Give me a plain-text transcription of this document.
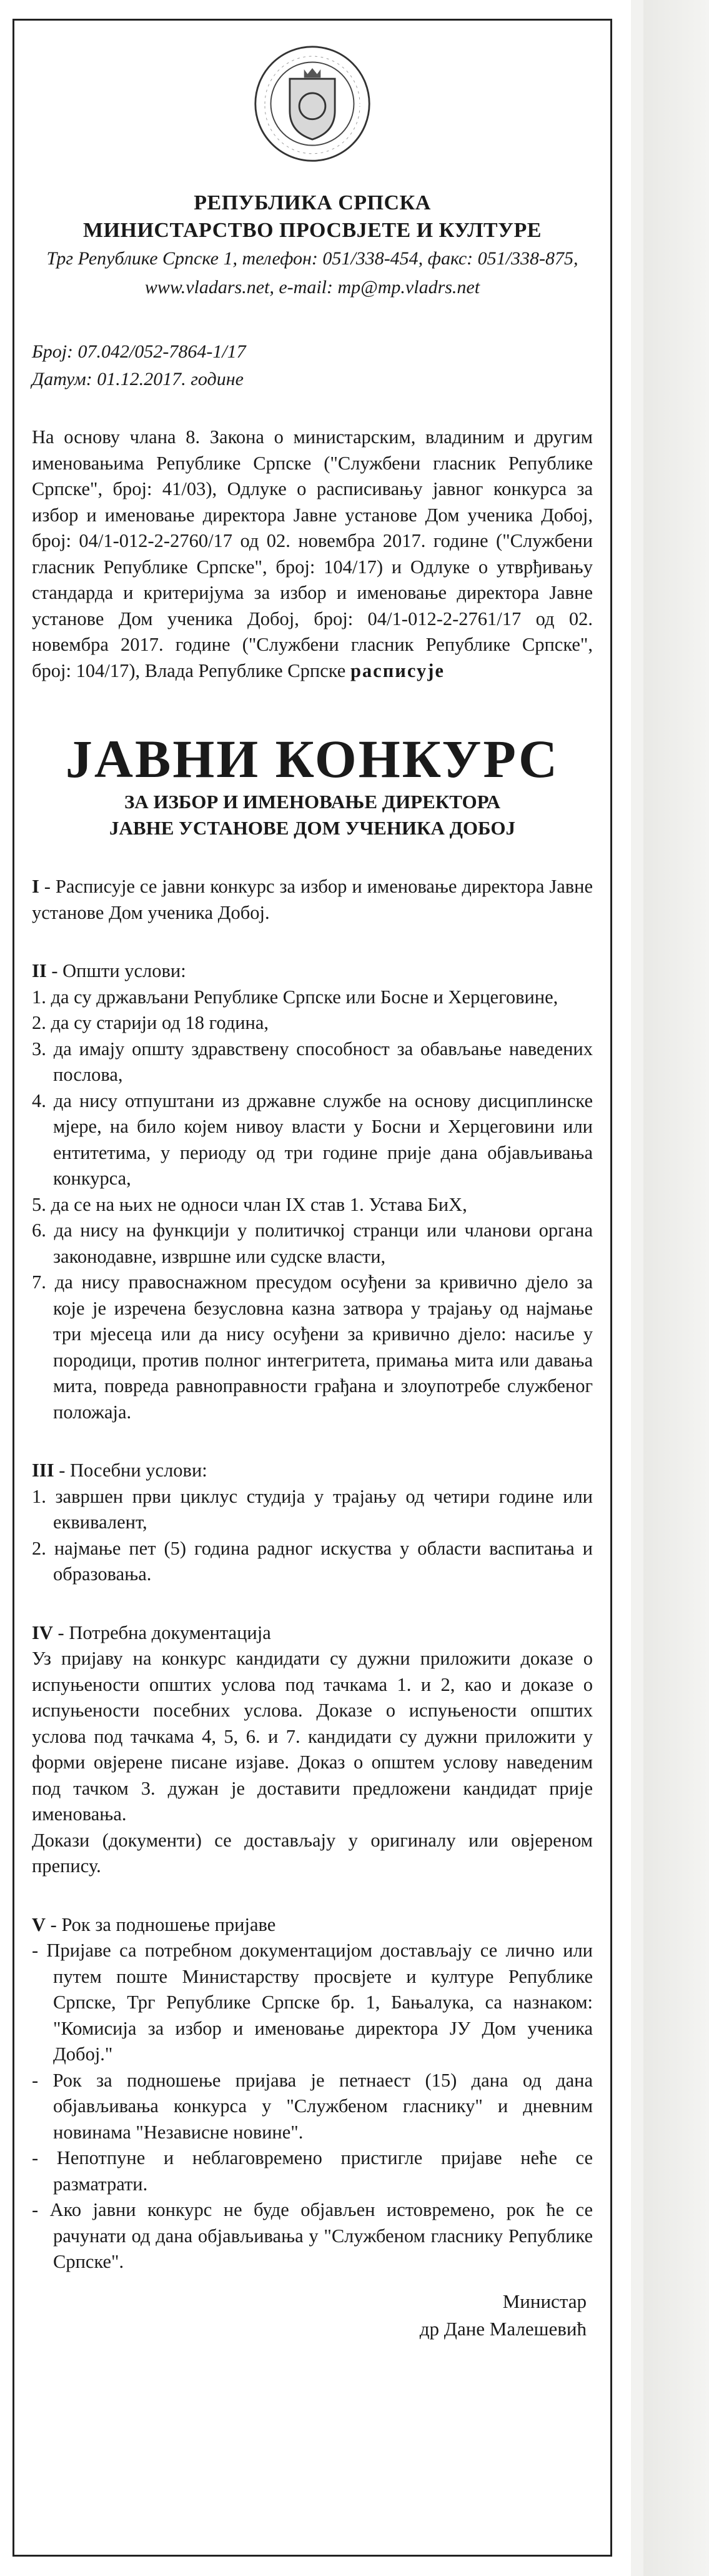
РЕПУБЛИКА СРПСКА
МИНИСТАРСТВО ПРОСВЈЕТЕ И КУЛТУРЕ
Трг Републике Српске 1, телефон: 051/338-454, факс: 051/338-875, www.vladars.net, e-mail: mp@mp.vladrs.net
Број: 07.042/052-7864-1/17
Датум: 01.12.2017. године
На основу члана 8. Закона о министарским, владиним и другим именовањима Републике Српске ("Службени гласник Републике Српске", број: 41/03), Одлуке о расписивању јавног конкурса за избор и именовање директора Јавне установе Дом ученика Добој, број: 04/1-012-2-2760/17 од 02. новембра 2017. године ("Службени гласник Републике Српске", број: 104/17) и Одлуке о утврђивању стандарда и критеријума за избор и именовање директора Јавне установе Дом ученика Добој, број: 04/1-012-2-2761/17 од 02. новембра 2017. године ("Службени гласник Републике Српске", број: 104/17), Влада Републике Српске расписује
ЈАВНИ КОНКУРС
ЗА ИЗБОР И ИМЕНОВАЊЕ ДИРЕКТОРА
ЈАВНЕ УСТАНОВЕ ДОМ УЧЕНИКА ДОБОЈ
I - Расписује се јавни конкурс за избор и именовање директора Јавне установе Дом ученика Добој.
II - Општи услови:
1. да су држављани Републике Српске или Босне и Херцеговине,
2. да су старији од 18 година,
3. да имају општу здравствену способност за обављање наведених послова,
4. да нису отпуштани из државне службе на основу дисциплинске мјере, на било којем нивоу власти у Босни и Херцеговини или ентитетима, у периоду од три године прије дана објављивања конкурса,
5. да се на њих не односи члан IX став 1. Устава БиХ,
6. да нису на функцији у политичкој странци или чланови органа законодавне, извршне или судске власти,
7. да нису правоснажном пресудом осуђени за кривично дјело за које је изречена безусловна казна затвора у трајању од најмање три мјесеца или да нису осуђени за кривично дјело: насиље у породици, против полног интегритета, примања мита или давања мита, повреда равноправности грађана и злоупотребе службеног положаја.
III - Посебни услови:
1. завршен први циклус студија у трајању од четири године или еквивалент,
2. најмање пет (5) година радног искуства у области васпитања и образовања.
IV - Потребна документација
Уз пријаву на конкурс кандидати су дужни приложити доказе о испуњености општих услова под тачкама 1. и 2, као и доказе о испуњености посебних услова. Доказе о испуњености општих услова под тачкама 4, 5, 6. и 7. кандидати су дужни приложити у форми овјерене писане изјаве. Доказ о општем услову наведеним под тачком 3. дужан је доставити предложени кандидат прије именовања.
Докази (документи) се достављају у оригиналу или овјереном препису.
V - Рок за подношење пријаве
- Пријаве са потребном документацијом достављају се лично или путем поште Министарству просвјете и културе Републике Српске, Трг Републике Српске бр. 1, Бањалука, са назнаком: "Комисија за избор и именовање директора ЈУ Дом ученика Добој."
- Рок за подношење пријава је петнаест (15) дана од дана објављивања конкурса у "Службеном гласнику" и дневним новинама "Независне новине".
- Непотпуне и неблаговремено пристигле пријаве неће се разматрати.
- Ако јавни конкурс не буде објављен истовремено, рок ће се рачунати од дана објављивања у "Службеном гласнику Републике Српске".
Министар
др Дане Малешевић
